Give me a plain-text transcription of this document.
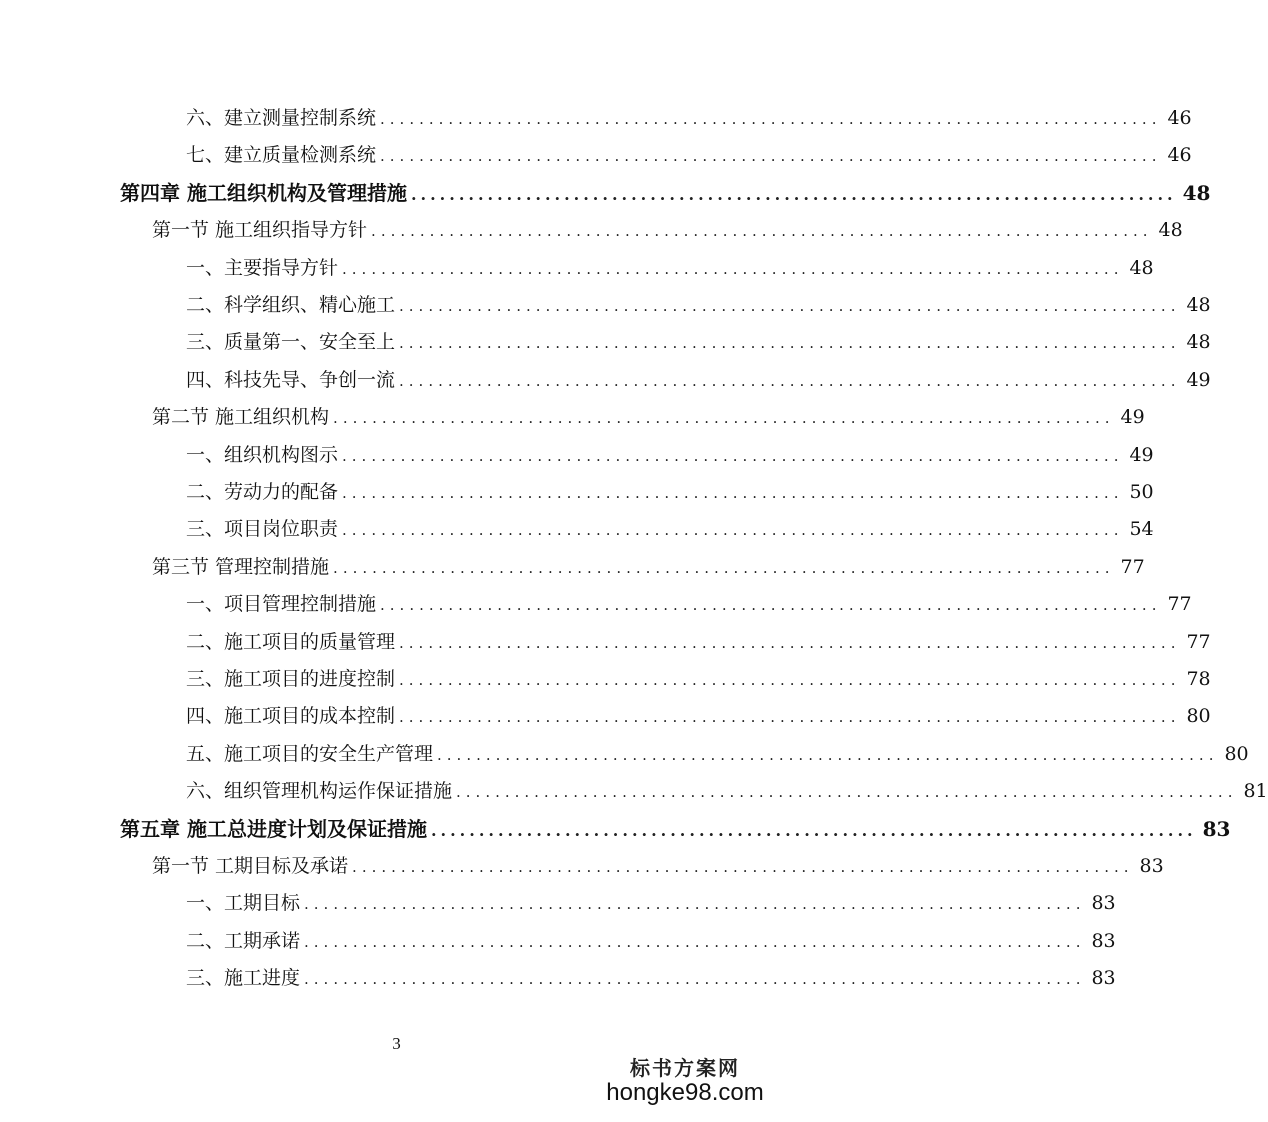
六、建立测量控制系统 ................................................................................ 46
七、建立质量检测系统 ................................................................................ 46
第四章 施工组织机构及管理措施 ................................................................................ 48
第一节 施工组织指导方针 ................................................................................ 48
一、主要指导方针 ................................................................................ 48
二、科学组织、精心施工 ................................................................................ 48
三、质量第一、安全至上 ................................................................................ 48
四、科技先导、争创一流 ................................................................................ 49
第二节 施工组织机构 ................................................................................ 49
一、组织机构图示 ................................................................................ 49
二、劳动力的配备 ................................................................................ 50
三、项目岗位职责 ................................................................................ 54
第三节 管理控制措施 ................................................................................ 77
一、项目管理控制措施 ................................................................................ 77
二、施工项目的质量管理 ................................................................................ 77
三、施工项目的进度控制 ................................................................................ 78
四、施工项目的成本控制 ................................................................................ 80
五、施工项目的安全生产管理 ................................................................................ 80
六、组织管理机构运作保证措施 ................................................................................ 81
第五章 施工总进度计划及保证措施 ................................................................................ 83
第一节 工期目标及承诺 ................................................................................ 83
一、工期目标 ................................................................................ 83
二、工期承诺 ................................................................................ 83
三、施工进度 ................................................................................ 83
3
标书方案网
hongke98.com
